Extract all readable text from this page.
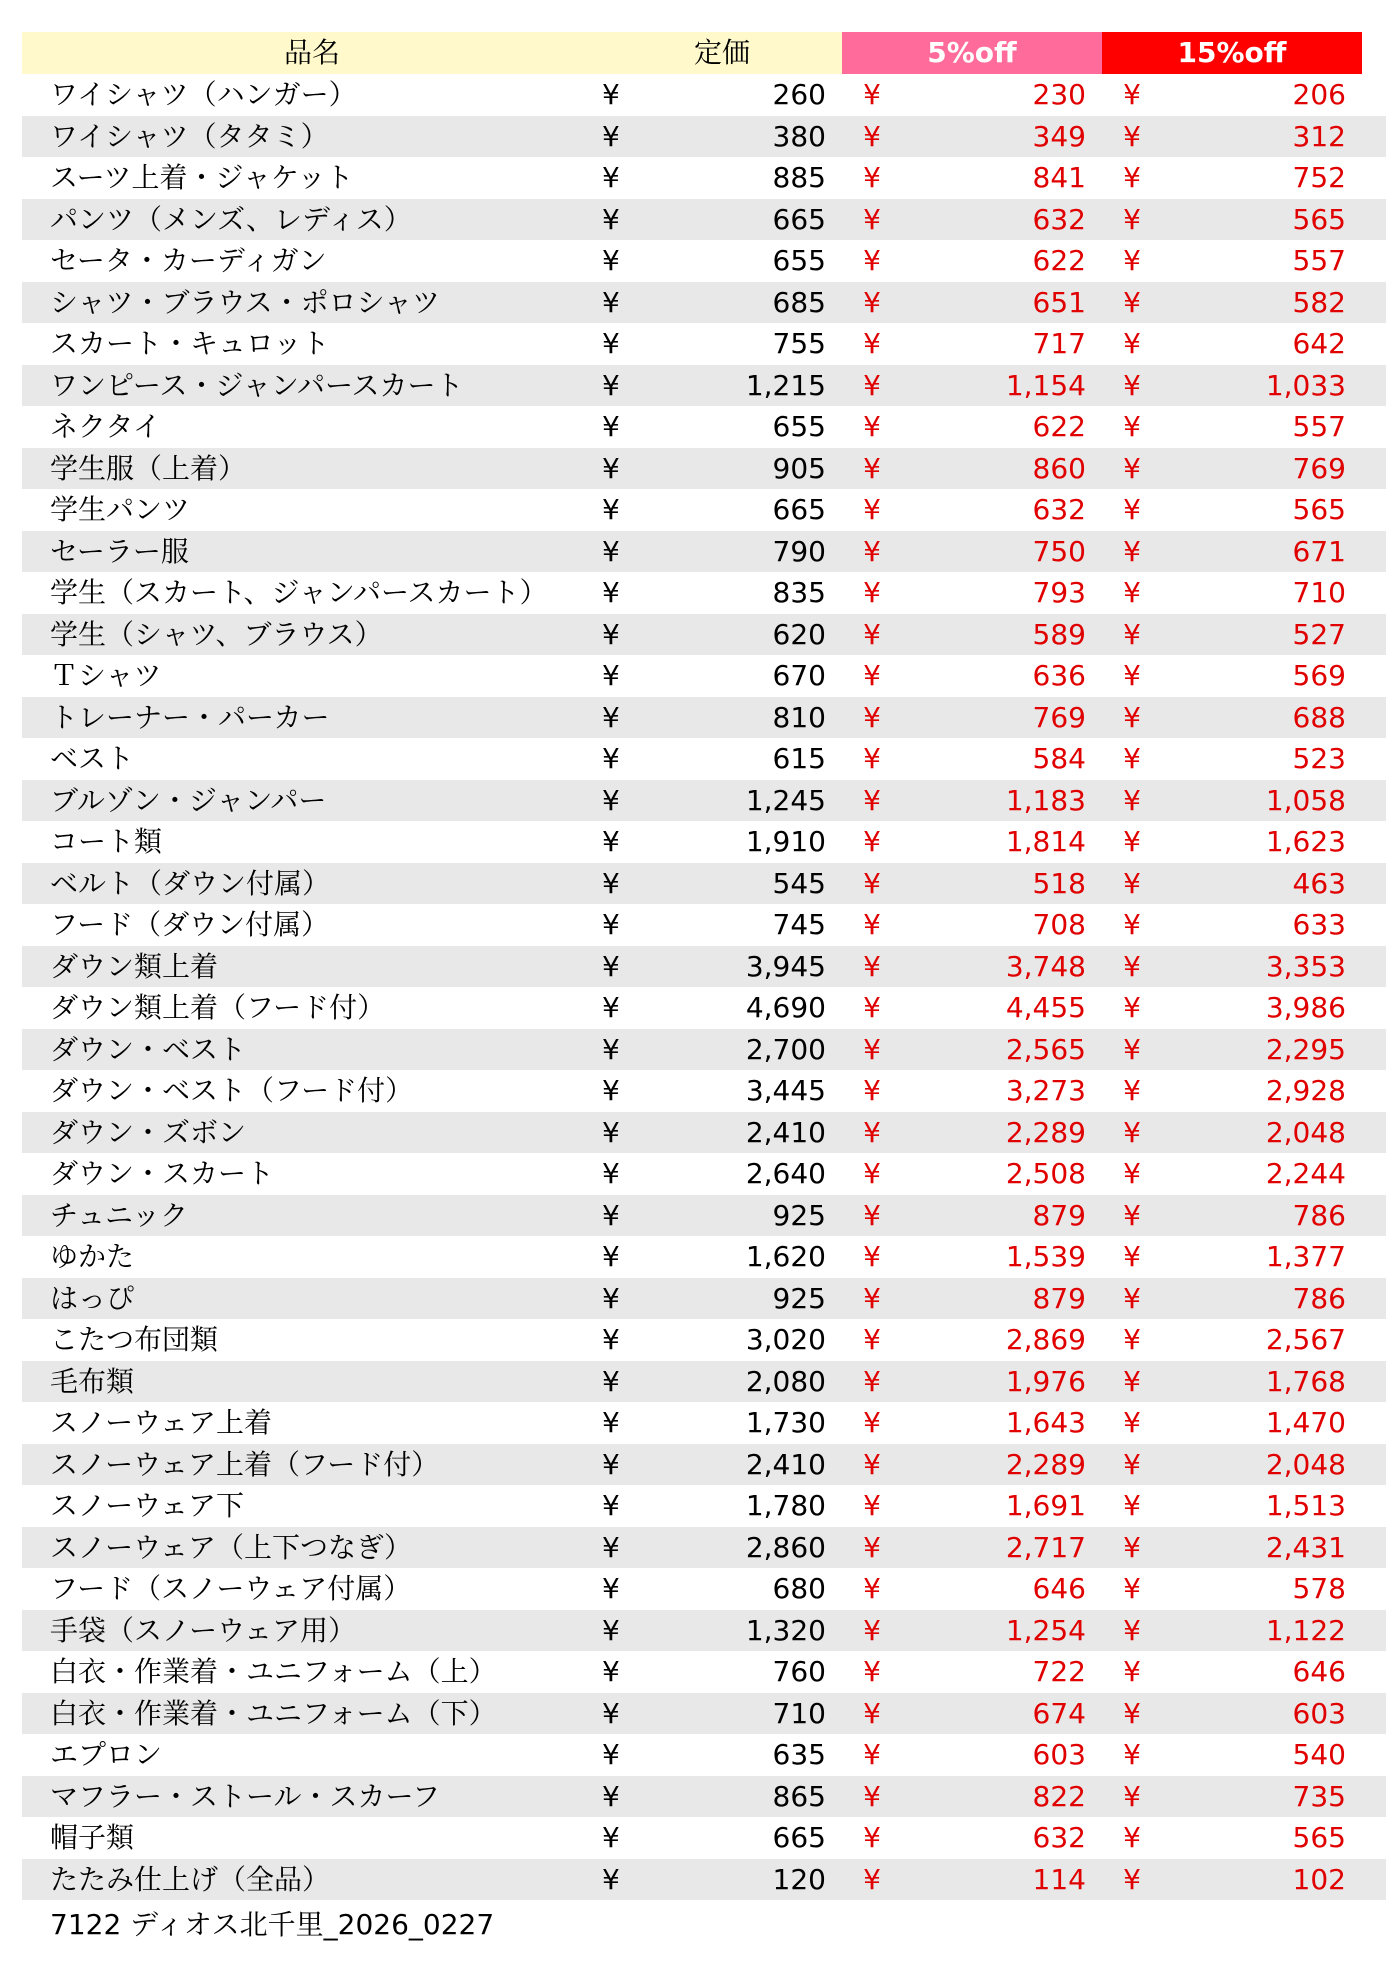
品名	定価	5%off	15%off
ワイシャツ（ハンガー）	¥	260	¥	230	¥	206
ワイシャツ（タタミ）	¥	380	¥	349	¥	312
スーツ上着・ジャケット	¥	885	¥	841	¥	752
パンツ（メンズ、レディス）	¥	665	¥	632	¥	565
セータ・カーディガン	¥	655	¥	622	¥	557
シャツ・ブラウス・ポロシャツ	¥	685	¥	651	¥	582
スカート・キュロット	¥	755	¥	717	¥	642
ワンピース・ジャンパースカート	¥	1,215	¥	1,154	¥	1,033
ネクタイ	¥	655	¥	622	¥	557
学生服（上着）	¥	905	¥	860	¥	769
学生パンツ	¥	665	¥	632	¥	565
セーラー服	¥	790	¥	750	¥	671
学生（スカート、ジャンパースカート）	¥	835	¥	793	¥	710
学生（シャツ、ブラウス）	¥	620	¥	589	¥	527
Ｔシャツ	¥	670	¥	636	¥	569
トレーナー・パーカー	¥	810	¥	769	¥	688
ベスト	¥	615	¥	584	¥	523
ブルゾン・ジャンパー	¥	1,245	¥	1,183	¥	1,058
コート類	¥	1,910	¥	1,814	¥	1,623
ベルト（ダウン付属）	¥	545	¥	518	¥	463
フード（ダウン付属）	¥	745	¥	708	¥	633
ダウン類上着	¥	3,945	¥	3,748	¥	3,353
ダウン類上着（フード付）	¥	4,690	¥	4,455	¥	3,986
ダウン・ベスト	¥	2,700	¥	2,565	¥	2,295
ダウン・ベスト（フード付）	¥	3,445	¥	3,273	¥	2,928
ダウン・ズボン	¥	2,410	¥	2,289	¥	2,048
ダウン・スカート	¥	2,640	¥	2,508	¥	2,244
チュニック	¥	925	¥	879	¥	786
ゆかた	¥	1,620	¥	1,539	¥	1,377
はっぴ	¥	925	¥	879	¥	786
こたつ布団類	¥	3,020	¥	2,869	¥	2,567
毛布類	¥	2,080	¥	1,976	¥	1,768
スノーウェア上着	¥	1,730	¥	1,643	¥	1,470
スノーウェア上着（フード付）	¥	2,410	¥	2,289	¥	2,048
スノーウェア下	¥	1,780	¥	1,691	¥	1,513
スノーウェア（上下つなぎ）	¥	2,860	¥	2,717	¥	2,431
フード（スノーウェア付属）	¥	680	¥	646	¥	578
手袋（スノーウェア用）	¥	1,320	¥	1,254	¥	1,122
白衣・作業着・ユニフォーム（上）	¥	760	¥	722	¥	646
白衣・作業着・ユニフォーム（下）	¥	710	¥	674	¥	603
エプロン	¥	635	¥	603	¥	540
マフラー・ストール・スカーフ	¥	865	¥	822	¥	735
帽子類	¥	665	¥	632	¥	565
たたみ仕上げ（全品）	¥	120	¥	114	¥	102
7122 ディオス北千里_2026_0227
